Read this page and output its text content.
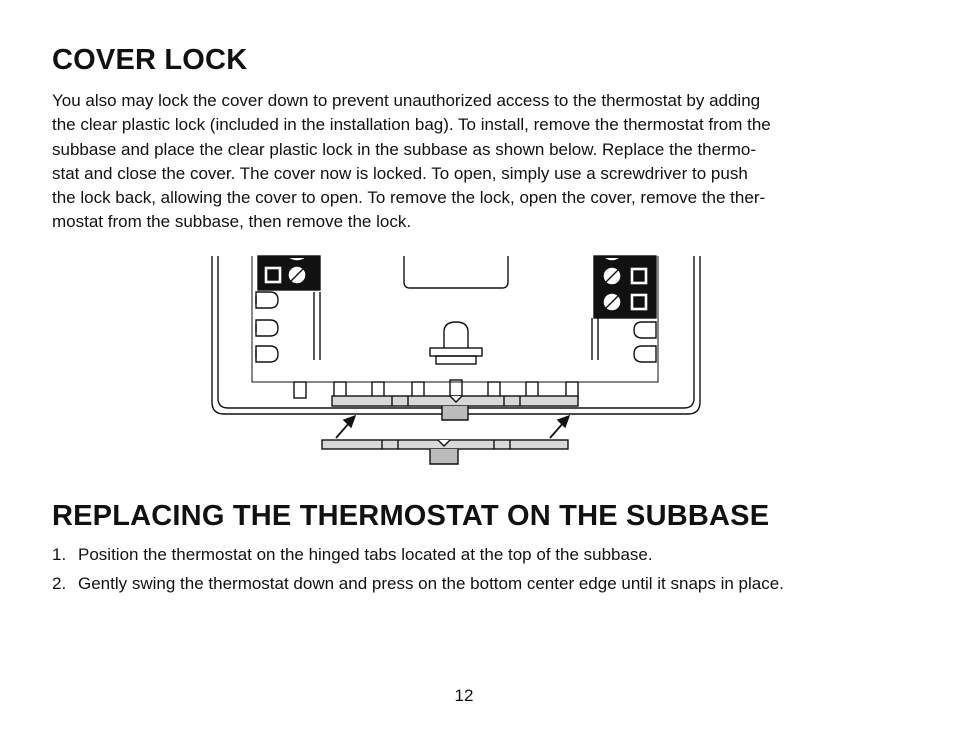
COVER LOCK

You also may lock the cover down to prevent unauthorized access to the thermostat by adding
the clear plastic lock (included in the installation bag). To install, remove the thermostat from the
subbase and place the clear plastic lock in the subbase as shown below. Replace the thermo-
stat and close the cover. The cover now is locked. To open, simply use a screwdriver to push
the lock back, allowing the cover to open. To remove the lock, open the cover, remove the ther-
mostat from the subbase, then remove the lock.

REPLACING THE THERMOSTAT ON THE SUBBASE
1. Position the thermostat on the hinged tabs located at the top of the subbase.
2. Gently swing the thermostat down and press on the bottom center edge until it snaps in place.
12
